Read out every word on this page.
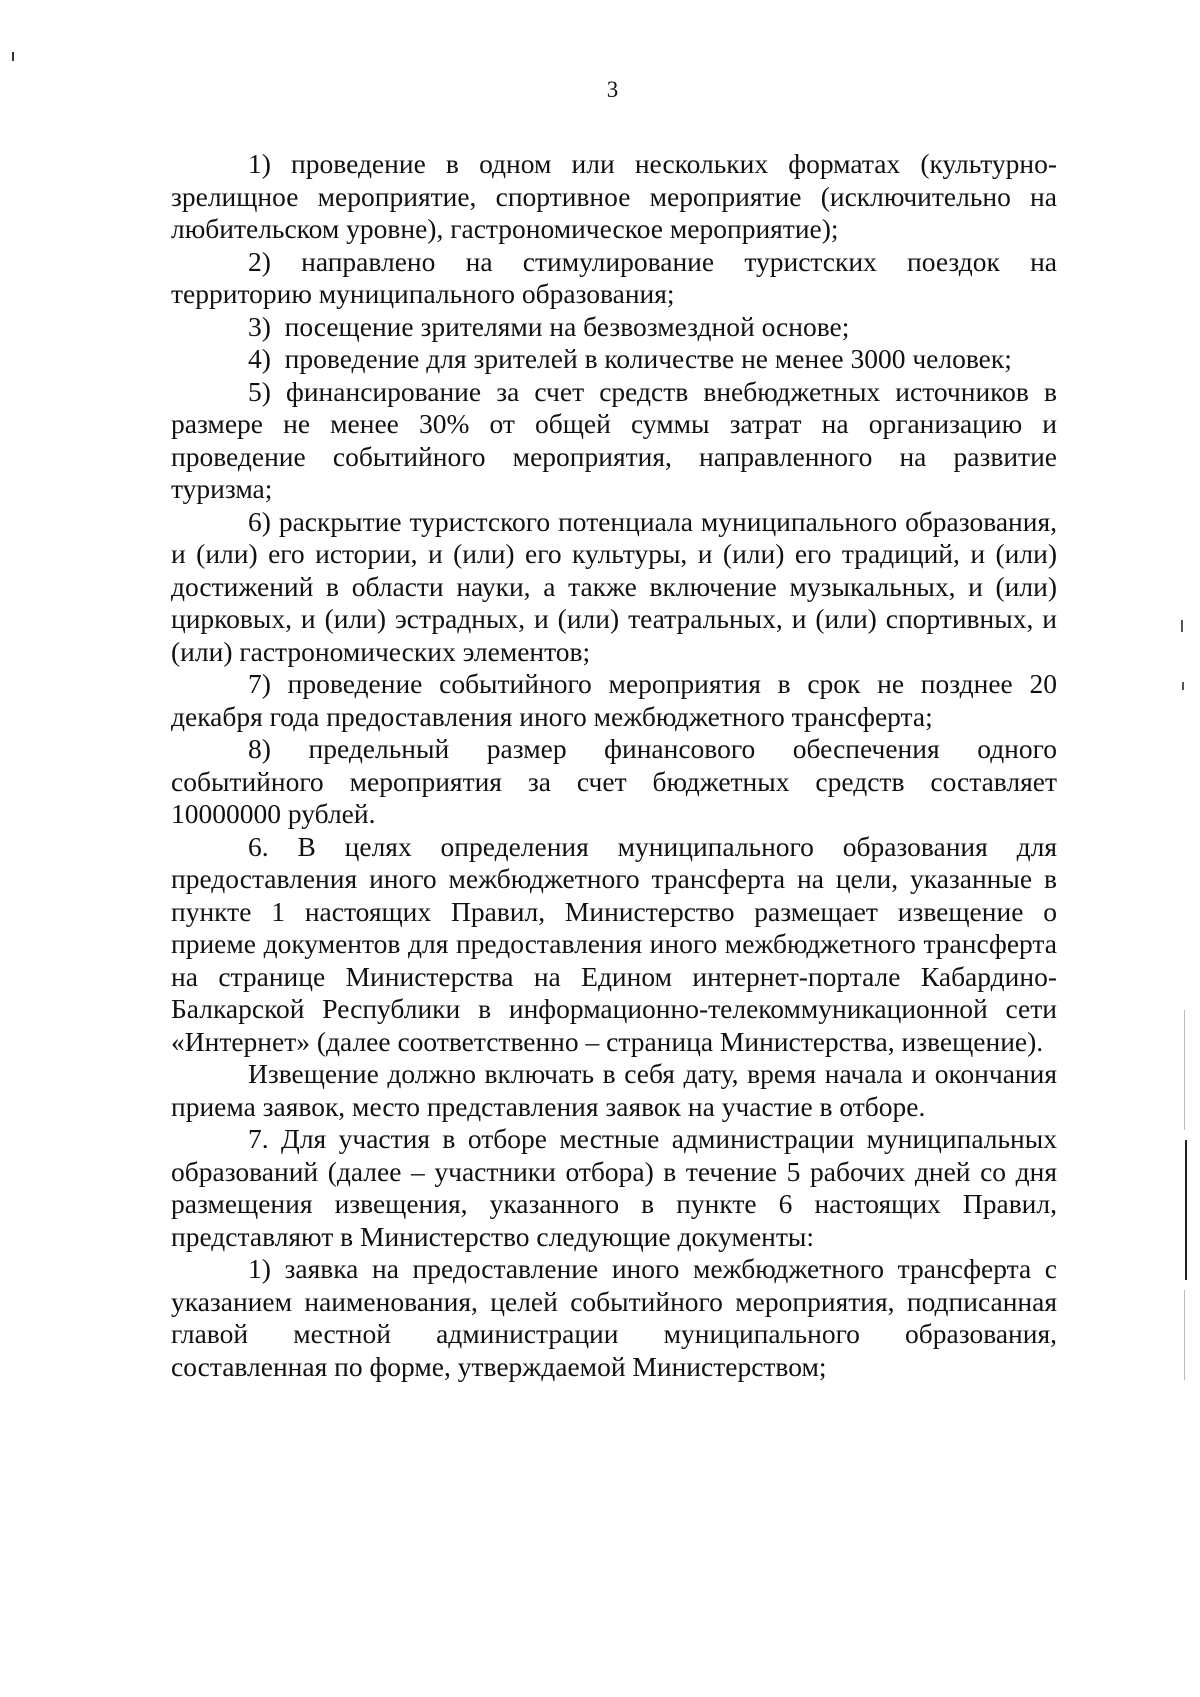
3

1) проведение в одном или нескольких форматах (культурно-зрелищное мероприятие, спортивное мероприятие (исключительно на любительском уровне), гастрономическое мероприятие);

2) направлено на стимулирование туристских поездок на территорию муниципального образования;

3)  посещение зрителями на безвозмездной основе;

4)  проведение для зрителей в количестве не менее 3000 человек;

5) финансирование за счет средств внебюджетных источников в размере не менее 30% от общей суммы затрат на организацию и проведение событийного мероприятия, направленного на развитие туризма;

6) раскрытие туристского потенциала муниципального образования, и (или) его истории, и (или) его культуры, и (или) его традиций, и (или) достижений в области науки, а также включение музыкальных, и (или) цирковых, и (или) эстрадных, и (или) театральных, и (или) спортивных, и (или) гастрономических элементов;

7) проведение событийного мероприятия в срок не позднее 20 декабря года предоставления иного межбюджетного трансферта;

8) предельный размер финансового обеспечения одного событийного мероприятия за счет бюджетных средств составляет 10000000 рублей.

6. В целях определения муниципального образования для предоставления иного межбюджетного трансферта на цели, указанные в пункте 1 настоящих Правил, Министерство размещает извещение о приеме документов для предоставления иного межбюджетного трансферта на странице Министерства на Едином интернет-портале Кабардино-Балкарской Республики в информационно-телекоммуникационной сети «Интернет» (далее соответственно – страница Министерства, извещение).

Извещение должно включать в себя дату, время начала и окончания приема заявок, место представления заявок на участие в отборе.

7. Для участия в отборе местные администрации муниципальных образований (далее – участники отбора) в течение 5 рабочих дней со дня размещения извещения, указанного в пункте 6 настоящих Правил, представляют в Министерство следующие документы:

1) заявка на предоставление иного межбюджетного трансферта с указанием наименования, целей событийного мероприятия, подписанная главой местной администрации муниципального образования, составленная по форме, утверждаемой Министерством;
